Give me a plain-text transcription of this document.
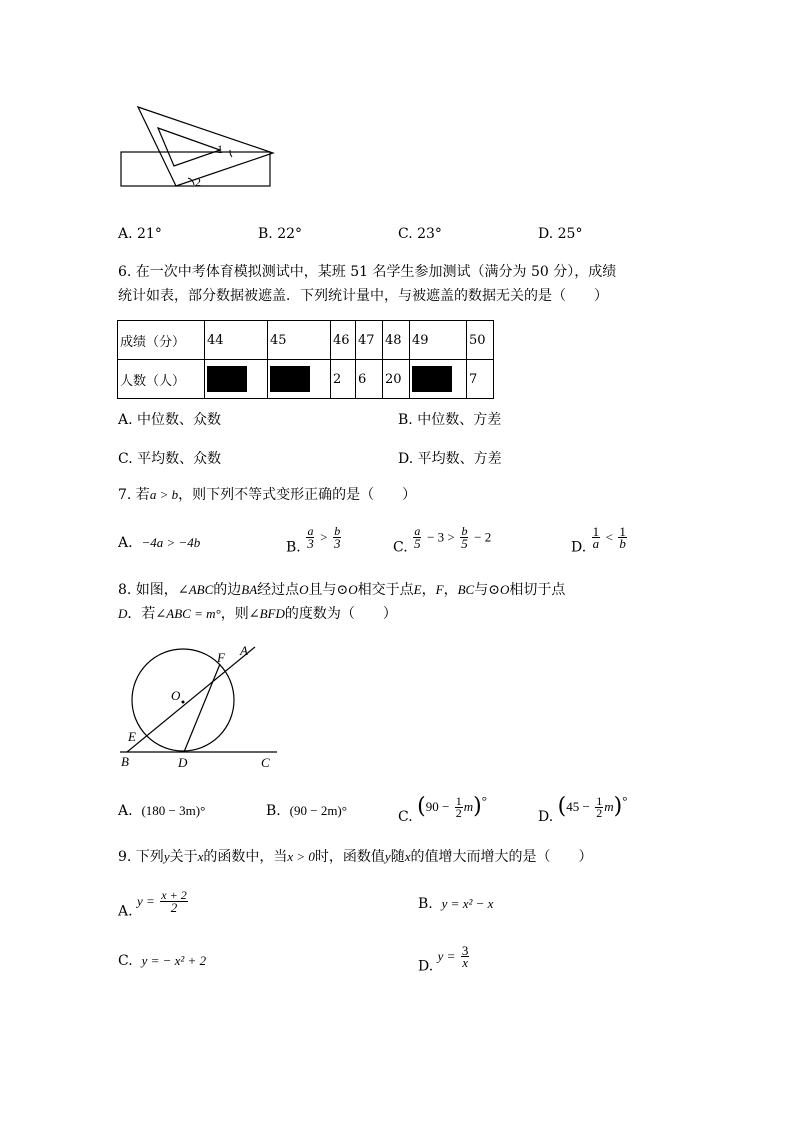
1
2
A. 21°	B. 22°	C. 23°	D. 25°
6. 在一次中考体育模拟测试中，某班 51 名学生参加测试（满分为 50 分），成绩
统计如表，部分数据被遮盖．下列统计量中，与被遮盖的数据无关的是（　　）
成绩（分）	44	45	46	47	48	49	50
人数（人）			2	6	20		7
A. 中位数、众数	B. 中位数、方差
C. 平均数、众数	D. 平均数、方差
7. 若a > b，则下列不等式变形正确的是（　　）
A. −4a > −4b	B. $\frac{a}{3} > \frac{b}{3}$	C. $\frac{a}{5} - 3 > \frac{b}{5} - 2$
D. $\frac{1}{a} < \frac{1}{b}$
8. 如图，∠ABC的边BA经过点O且与⊙O相交于点E，F，BC与⊙O相切于点
D．若∠ABC = m°，则∠BFD的度数为（　　）
F A
O
E
B	D	C
A. (180 − 3m)°	B. (90 − 2m)°	C. $(90 - \frac{1}{2} m)^\circ$
D. $(45 - \frac{1}{2} m)^\circ$
9. 下列y关于x的函数中，当x > 0时，函数值y随x的值增大而增大的是（　　）
A. $y = \frac{x + 2}{2}$	B. y = x² − x
C. y = − x² + 2	D. $y = \frac{3}{x}$
